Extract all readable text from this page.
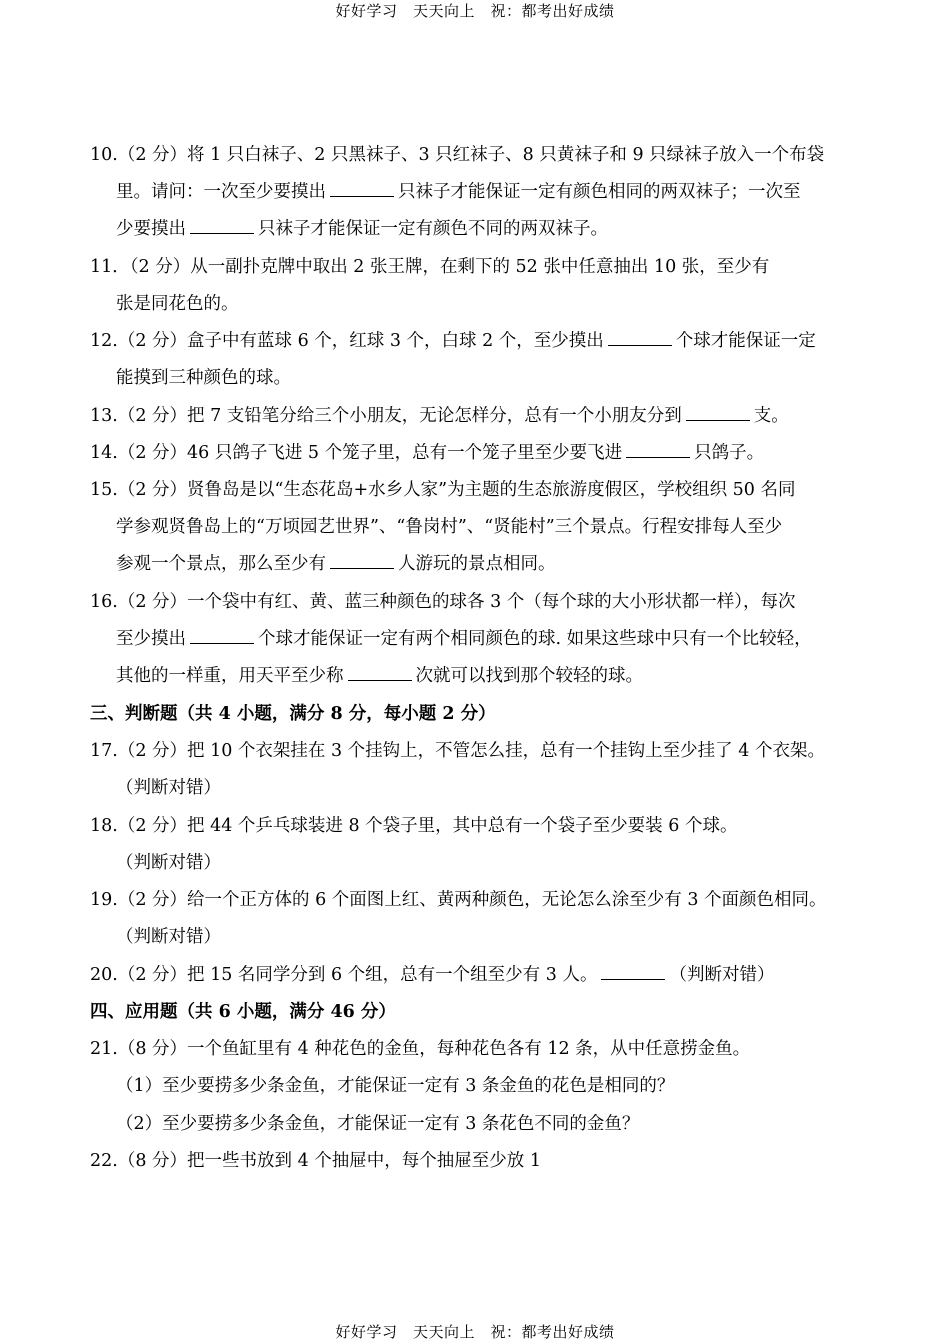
好好学习　天天向上　祝：都考出好成绩
10.（2 分）将 1 只白袜子、2 只黑袜子、3 只红袜子、8 只黄袜子和 9 只绿袜子放入一个布袋
里。请问：一次至少要摸出	只袜子才能保证一定有颜色相同的两双袜子；一次至
少要摸出	只袜子才能保证一定有颜色不同的两双袜子。
11．（2 分）从一副扑克牌中取出 2 张王牌，在剩下的 52 张中任意抽出 10 张，至少有
张是同花色的。
12.（2 分）盒子中有蓝球 6 个，红球 3 个，白球 2 个，至少摸出	个球才能保证一定
能摸到三种颜色的球。
13.（2 分）把 7 支铅笔分给三个小朋友，无论怎样分，总有一个小朋友分到	支。
14.（2 分）46 只鸽子飞进 5 个笼子里，总有一个笼子里至少要飞进	只鸽子。
15.（2 分）贤鲁岛是以“生态花岛+水乡人家”为主题的生态旅游度假区，学校组织 50 名同
学参观贤鲁岛上的“万顷园艺世界”、“鲁岗村”、“贤能村”三个景点。行程安排每人至少
参观一个景点，那么至少有	人游玩的景点相同。
16.（2 分）一个袋中有红、黄、蓝三种颜色的球各 3 个（每个球的大小形状都一样），每次
至少摸出	个球才能保证一定有两个相同颜色的球. 如果这些球中只有一个比较轻，
其他的一样重，用天平至少称	次就可以找到那个较轻的球。
三、判断题（共 4 小题，满分 8 分，每小题 2 分）
17.（2 分）把 10 个衣架挂在 3 个挂钩上，不管怎么挂，总有一个挂钩上至少挂了 4 个衣架。
（判断对错）
18.（2 分）把 44 个乒乓球装进 8 个袋子里，其中总有一个袋子至少要装 6 个球。
（判断对错）
19.（2 分）给一个正方体的 6 个面图上红、黄两种颜色，无论怎么涂至少有 3 个面颜色相同。
（判断对错）
20.（2 分）把 15 名同学分到 6 个组，总有一个组至少有 3 人。	（判断对错）
四、应用题（共 6 小题，满分 46 分）
21.（8 分）一个鱼缸里有 4 种花色的金鱼，每种花色各有 12 条，从中任意捞金鱼。
（1）至少要捞多少条金鱼，才能保证一定有 3 条金鱼的花色是相同的？
（2）至少要捞多少条金鱼，才能保证一定有 3 条花色不同的金鱼？
22.（8 分）把一些书放到 4 个抽屉中，每个抽屉至少放 1
好好学习　天天向上　祝：都考出好成绩
